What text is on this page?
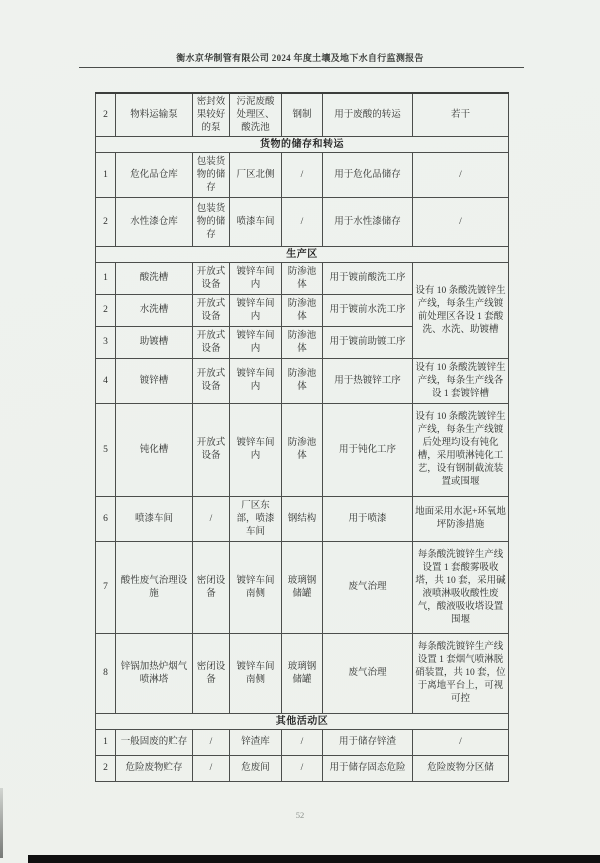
衡水京华制管有限公司 2024 年度土壤及地下水自行监测报告
2	物料运输泵	密封效果较好的泵	污泥废酸处理区、酸洗池	钢制	用于废酸的转运	若干
货物的储存和转运						
1	危化品仓库	包装货物的储存	厂区北侧	/	用于危化品储存	/
2	水性漆仓库	包装货物的储存	喷漆车间	/	用于水性漆储存	/
生产区						
1	酸洗槽	开放式设备	镀锌车间内	防渗池体	用于镀前酸洗工序	设有 10 条酸洗镀锌生产线，每条生产线镀前处理区各设 1 套酸洗、水洗、助镀槽
2	水洗槽	开放式设备	镀锌车间内	防渗池体	用于镀前水洗工序	
3	助镀槽	开放式设备	镀锌车间内	防渗池体	用于镀前助镀工序	
4	镀锌槽	开放式设备	镀锌车间内	防渗池体	用于热镀锌工序	设有 10 条酸洗镀锌生产线，每条生产线各设 1 套镀锌槽
5	钝化槽	开放式设备	镀锌车间内	防渗池体	用于钝化工序	设有 10 条酸洗镀锌生产线，每条生产线镀后处理均设有钝化槽，采用喷淋钝化工艺，设有钢制截流装置或围堰
6	喷漆车间	/	厂区东部，喷漆车间	钢结构	用于喷漆	地面采用水泥+环氧地坪防渗措施
7	酸性废气治理设施	密闭设备	镀锌车间南侧	玻璃钢储罐	废气治理	每条酸洗镀锌生产线设置 1 套酸雾吸收塔，共 10 套，采用碱液喷淋吸收酸性废气，酸液吸收塔设置围堰
8	锌锅加热炉烟气喷淋塔	密闭设备	镀锌车间南侧	玻璃钢储罐	废气治理	每条酸洗镀锌生产线设置 1 套烟气喷淋脱硝装置，共 10 套，位于离地平台上，可视可控
其他活动区						
1	一般固废的贮存	/	锌渣库	/	用于储存锌渣	/
2	危险废物贮存	/	危废间	/	用于储存固态危险	危险废物分区储
52
